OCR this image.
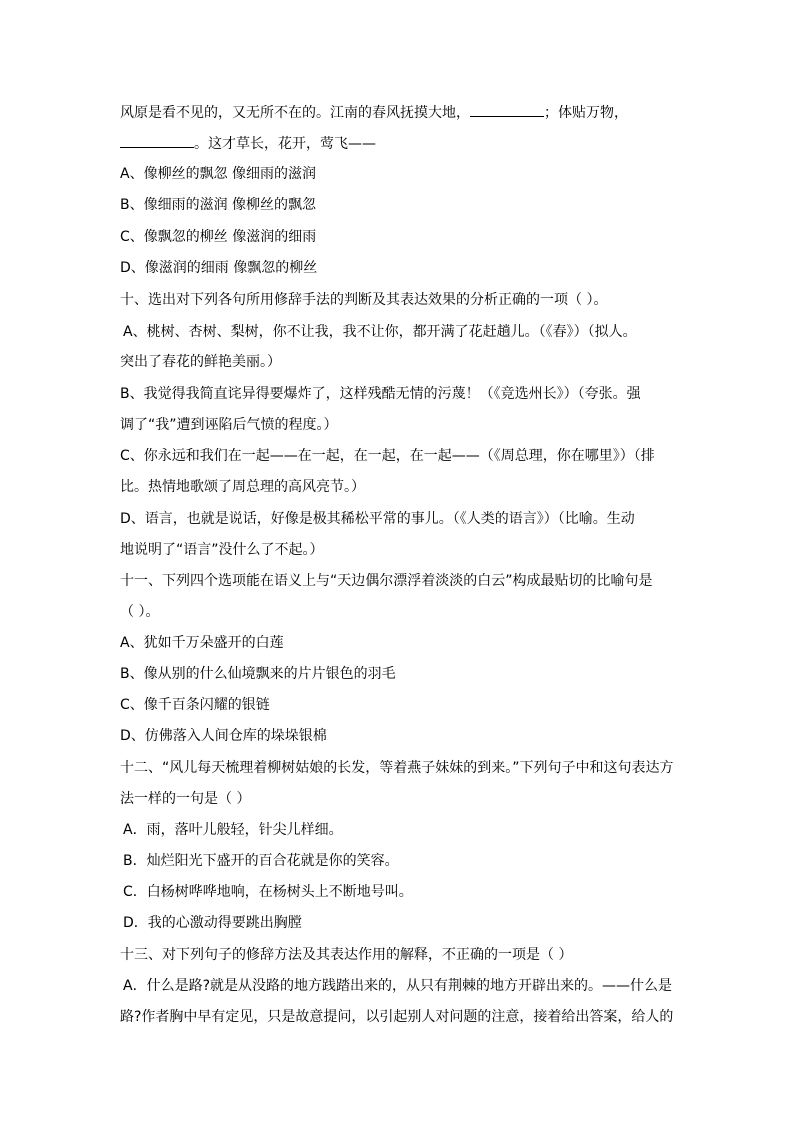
风原是看不见的，又无所不在的。江南的春风抚摸大地，	；体贴万物，
。这才草长，花开，莺飞——
A、像柳丝的飘忽 像细雨的滋润
B、像细雨的滋润 像柳丝的飘忽
C、像飘忽的柳丝 像滋润的细雨
D、像滋润的细雨 像飘忽的柳丝
十、选出对下列各句所用修辞手法的判断及其表达效果的分析正确的一项（ ）。
A、桃树、杏树、梨树，你不让我，我不让你，都开满了花赶趟儿。（《春》）（拟人。
突出了春花的鲜艳美丽。）
B、我觉得我简直诧异得要爆炸了，这样残酷无情的污蔑！（《竞选州长》）（夸张。强
调了“我”遭到诬陷后气愤的程度。）
C、你永远和我们在一起——在一起，在一起，在一起——（《周总理，你在哪里》）（排
比。热情地歌颂了周总理的高风亮节。）
D、语言，也就是说话，好像是极其稀松平常的事儿。（《人类的语言》）（比喻。生动
地说明了“语言”没什么了不起。）
十一、下列四个选项能在语义上与“天边偶尔漂浮着淡淡的白云”构成最贴切的比喻句是
（ ）。
A、犹如千万朵盛开的白莲
B、像从别的什么仙境飘来的片片银色的羽毛
C、像千百条闪耀的银链
D、仿佛落入人间仓库的垛垛银棉
十二、“风儿每天梳理着柳树姑娘的长发，等着燕子妹妹的到来。”下列句子中和这句表达方
法一样的一句是（ ）
A．雨，落叶儿般轻，针尖儿样细。
B．灿烂阳光下盛开的百合花就是你的笑容。
C．白杨树哗哗地响，在杨树头上不断地号叫。
D．我的心激动得要跳出胸膛
十三、对下列句子的修辞方法及其表达作用的解释，不正确的一项是（ ）
A．什么是路?就是从没路的地方践踏出来的，从只有荆棘的地方开辟出来的。——什么是
路?作者胸中早有定见，只是故意提问，以引起别人对问题的注意，接着给出答案，给人的
